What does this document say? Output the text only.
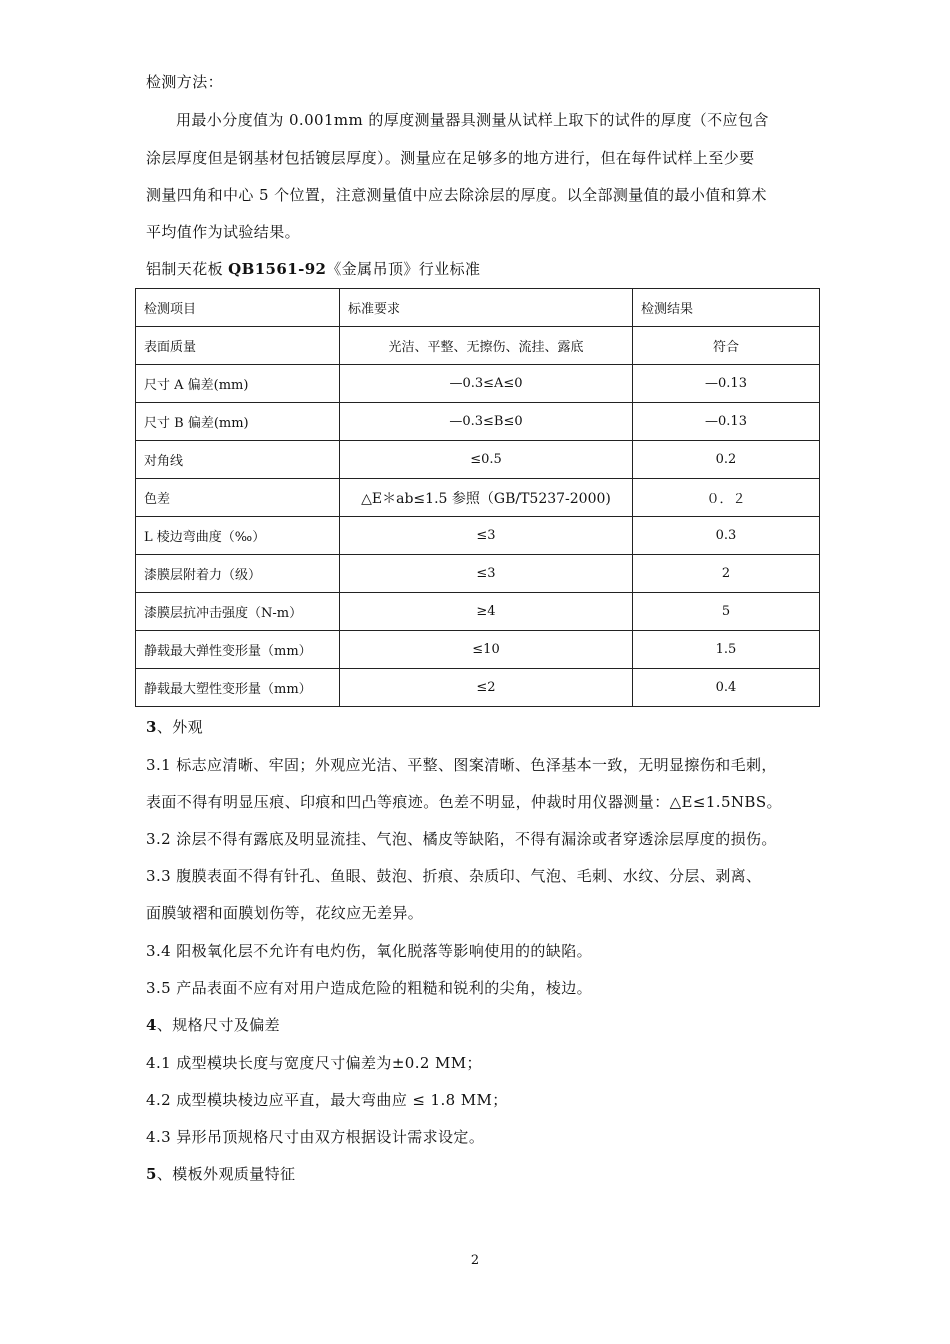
检测方法：

用最小分度值为 0.001mm 的厚度测量器具测量从试样上取下的试件的厚度（不应包含

涂层厚度但是钢基材包括镀层厚度）。测量应在足够多的地方进行，但在每件试样上至少要

测量四角和中心 5 个位置，注意测量值中应去除涂层的厚度。以全部测量值的最小值和算术

平均值作为试验结果。

铝制天花板 QB1561-92《金属吊顶》行业标准

检测项目	标准要求	检测结果
表面质量	光洁、平整、无擦伤、流挂、露底	符合
尺寸 A 偏差(mm)	—0.3≤A≤0	—0.13
尺寸 B 偏差(mm)	—0.3≤B≤0	—0.13
对角线	≤0.5	0.2
色差	△E＊ab≤1.5 参照（GB/T5237-2000)	０．２
L 棱边弯曲度（‰）	≤3	0.3
漆膜层附着力（级）	≤3	2
漆膜层抗冲击强度（N-m）	≥4	5
静载最大弹性变形量（mm）	≤10	1.5
静载最大塑性变形量（mm）	≤2	0.4

3、外观

3.1 标志应清晰、牢固；外观应光洁、平整、图案清晰、色泽基本一致，无明显擦伤和毛刺，

表面不得有明显压痕、印痕和凹凸等痕迹。色差不明显，仲裁时用仪器测量：△E≤1.5NBS。

3.2 涂层不得有露底及明显流挂、气泡、橘皮等缺陷，不得有漏涂或者穿透涂层厚度的损伤。

3.3 腹膜表面不得有针孔、鱼眼、鼓泡、折痕、杂质印、气泡、毛刺、水纹、分层、剥离、

面膜皱褶和面膜划伤等，花纹应无差异。

3.4 阳极氧化层不允许有电灼伤，氧化脱落等影响使用的的缺陷。

3.5 产品表面不应有对用户造成危险的粗糙和锐利的尖角，棱边。

4、规格尺寸及偏差

4.1 成型模块长度与宽度尺寸偏差为±0.2 MM；

4.2 成型模块棱边应平直，最大弯曲应 ≤ 1.8 MM；

4.3 异形吊顶规格尺寸由双方根据设计需求设定。

5、模板外观质量特征

2
